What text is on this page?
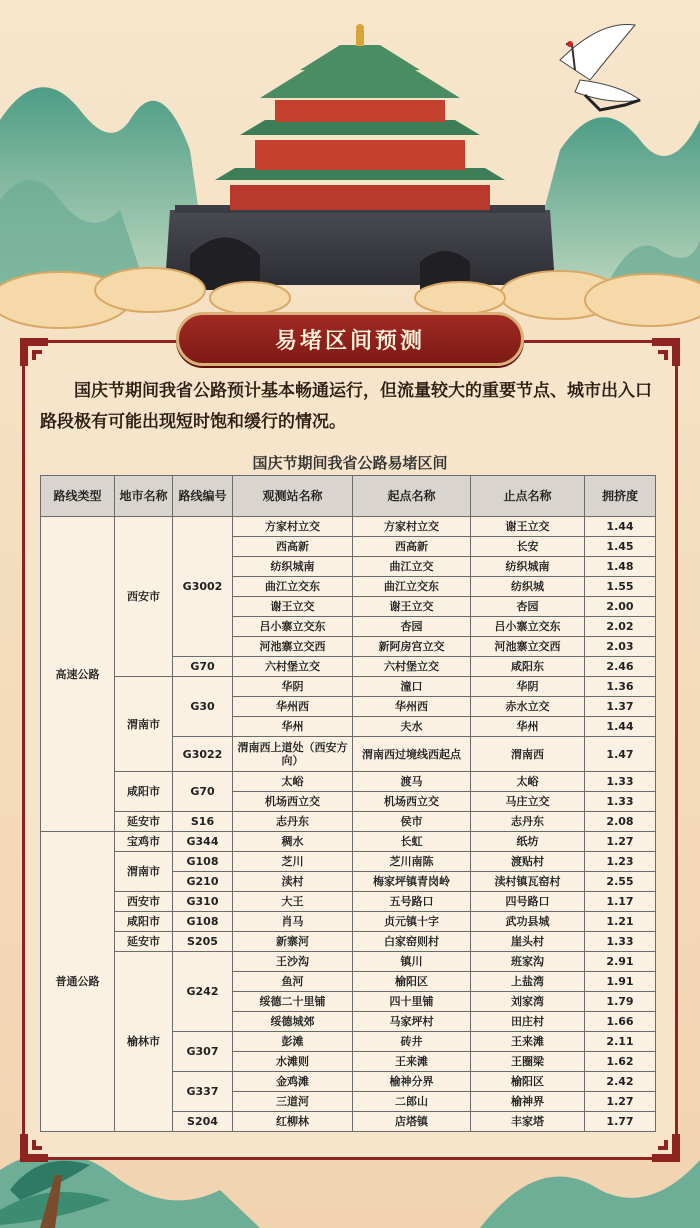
易堵区间预测

国庆节期间我省公路预计基本畅通运行，但流量较大的重要节点、城市出入口路段极有可能出现短时饱和缓行的情况。

国庆节期间我省公路易堵区间
路线类型	地市名称	路线编号	观测站名称	起点名称	止点名称	拥挤度
高速公路	西安市	G3002	方家村立交	方家村立交	谢王立交	1.44
			西高新	西高新	长安	1.45
			纺织城南	曲江立交	纺织城南	1.48
			曲江立交东	曲江立交东	纺织城	1.55
			谢王立交	谢王立交	杏园	2.00
			吕小寨立交东	杏园	吕小寨立交东	2.02
			河池寨立交西	新阿房宫立交	河池寨立交西	2.03
		G70	六村堡立交	六村堡立交	咸阳东	2.46
	渭南市	G30	华阴	潼口	华阴	1.36
			华州西	华州西	赤水立交	1.37
			华州	夫水	华州	1.44
		G3022	渭南西上道处（西安方向）	渭南西过境线西起点	渭南西	1.47
	咸阳市	G70	太峪	渡马	太峪	1.33
			机场西立交	机场西立交	马庄立交	1.33
	延安市	S16	志丹东	侯市	志丹东	2.08
普通公路	宝鸡市	G344	稠水	长虹	纸坊	1.27
	渭南市	G108	芝川	芝川南陈	渡贴村	1.23
		G210	渎村	梅家坪镇青岗岭	渎村镇瓦窑村	2.55
	西安市	G310	大王	五号路口	四号路口	1.17
	咸阳市	G108	肖马	贞元镇十字	武功县城	1.21
	延安市	S205	新寨河	白家窑则村	崖头村	1.33
	榆林市	G242	王沙沟	镇川	班家沟	2.91
			鱼河	榆阳区	上盐湾	1.91
			绥德二十里铺	四十里铺	刘家湾	1.79
			绥德城郊	马家坪村	田庄村	1.66
		G307	彭滩	砖井	王来滩	2.11
			水滩则	王来滩	王圈梁	1.62
		G337	金鸡滩	榆神分界	榆阳区	2.42
			三道河	二郎山	榆神界	1.27
		S204	红柳林	店塔镇	丰家塔	1.77
